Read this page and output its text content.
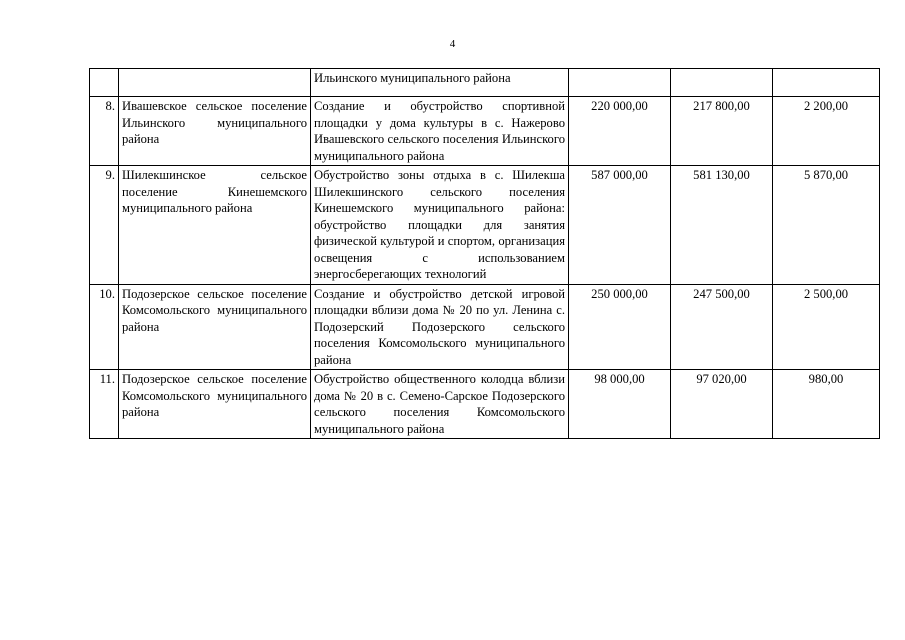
4
		Ильинского муниципального района			
8.	Ивашевское сельское поселение Ильинского муниципального района	Создание и обустройство спортивной площадки у дома культуры в с. Нажерово Ивашевского сельского поселения Ильинского муниципального района	220 000,00	217 800,00	2 200,00
9.	Шилекшинское сельское поселение Кинешемского муниципального района	Обустройство зоны отдыха в с. Шилекша Шилекшинского сельского поселения Кинешемского муниципального района: обустройство площадки для занятия физической культурой и спортом, организация освещения с использованием энергосберегающих технологий	587 000,00	581 130,00	5 870,00
10.	Подозерское сельское поселение Комсомольского муниципального района	Создание и обустройство детской игровой площадки вблизи дома № 20 по ул. Ленина с. Подозерский Подозерского сельского поселения Комсомольского муниципального района	250 000,00	247 500,00	2 500,00
11.	Подозерское сельское поселение Комсомольского муниципального района	Обустройство общественного колодца вблизи дома № 20 в с. Семено-Сарское Подозерского сельского поселения Комсомольского муниципального района	98 000,00	97 020,00	980,00
